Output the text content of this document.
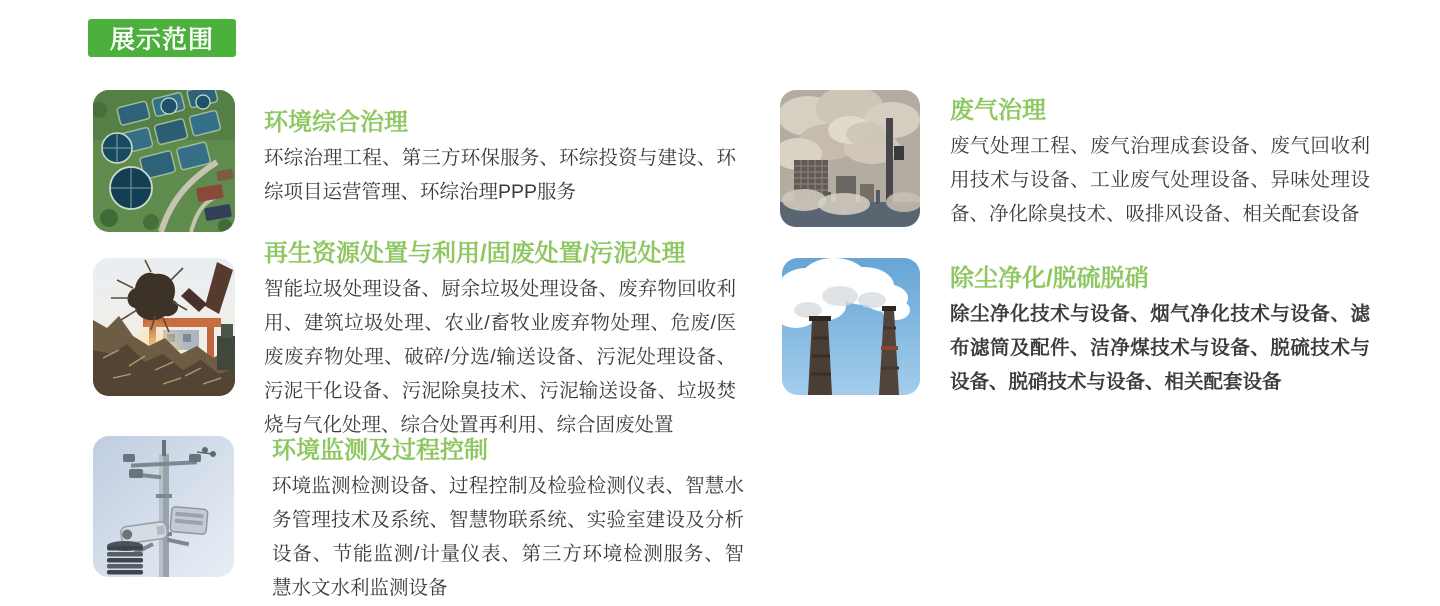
展示范围
环境综合治理

环综治理工程、第三方环保服务、环综投资与建设、环综项目运营管理、环综治理PPP服务

再生资源处置与利用/固废处置/污泥处理

智能垃圾处理设备、厨余垃圾处理设备、废弃物回收利用、建筑垃圾处理、农业/畜牧业废弃物处理、危废/医废废弃物处理、破碎/分选/输送设备、污泥处理设备、污泥干化设备、污泥除臭技术、污泥输送设备、垃圾焚烧与气化处理、综合处置再利用、综合固废处置

环境监测及过程控制

环境监测检测设备、过程控制及检验检测仪表、智慧水务管理技术及系统、智慧物联系统、实验室建设及分析设备、节能监测/计量仪表、第三方环境检测服务、智慧水文水利监测设备

废气治理

废气处理工程、废气治理成套设备、废气回收利用技术与设备、工业废气处理设备、异味处理设备、净化除臭技术、吸排风设备、相关配套设备

除尘净化/脱硫脱硝

除尘净化技术与设备、烟气净化技术与设备、滤布滤筒及配件、洁净煤技术与设备、脱硫技术与设备、脱硝技术与设备、相关配套设备
